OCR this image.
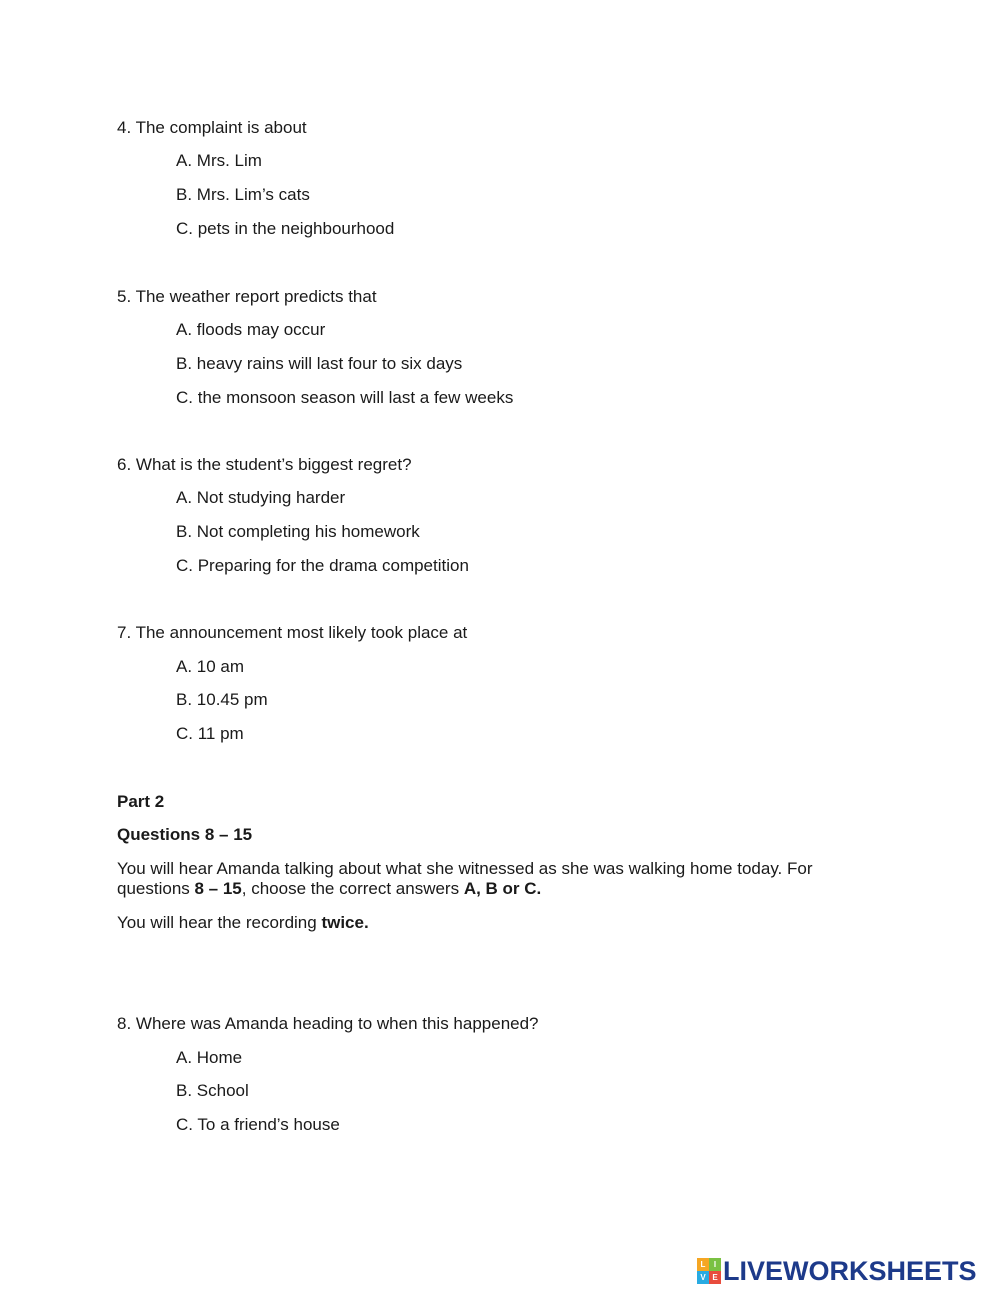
4. The complaint is about
A. Mrs. Lim
B. Mrs. Lim’s cats
C. pets in the neighbourhood
5. The weather report predicts that
A. floods may occur
B. heavy rains will last four to six days
C. the monsoon season will last a few weeks
6. What is the student’s biggest regret?
A. Not studying harder
B. Not completing his homework
C. Preparing for the drama competition
7. The announcement most likely took place at
A. 10 am
B. 10.45 pm
C. 11 pm
Part 2
Questions 8 – 15
You will hear Amanda talking about what she witnessed as she was walking home today. For questions 8 – 15, choose the correct answers A, B or C.
You will hear the recording twice.
8. Where was Amanda heading to when this happened?
A. Home
B. School
C. To a friend’s house
L	I
V E LIVEWORKSHEETS
